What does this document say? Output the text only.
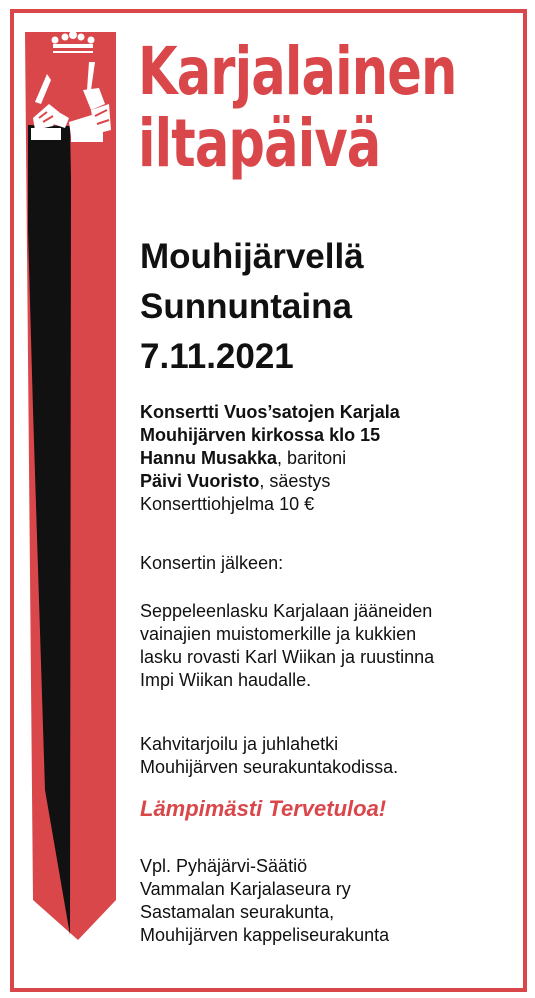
Karjalainen
iltapäivä
Mouhijärvellä
Sunnuntaina
7.11.2021

Konsertti Vuos’satojen Karjala

Mouhijärven kirkossa klo 15

Hannu Musakka, baritoni

Päivi Vuoristo, säestys

Konserttiohjelma 10 €

Konsertin jälkeen:

Seppeleenlasku Karjalaan jääneiden

vainajien muistomerkille ja kukkien

lasku rovasti Karl Wiikan ja ruustinna

Impi Wiikan haudalle.

Kahvitarjoilu ja juhlahetki

Mouhijärven seurakuntakodissa.

Lämpimästi Tervetuloa!

Vpl. Pyhäjärvi-Säätiö

Vammalan Karjalaseura ry

Sastamalan seurakunta,

Mouhijärven kappeliseurakunta
